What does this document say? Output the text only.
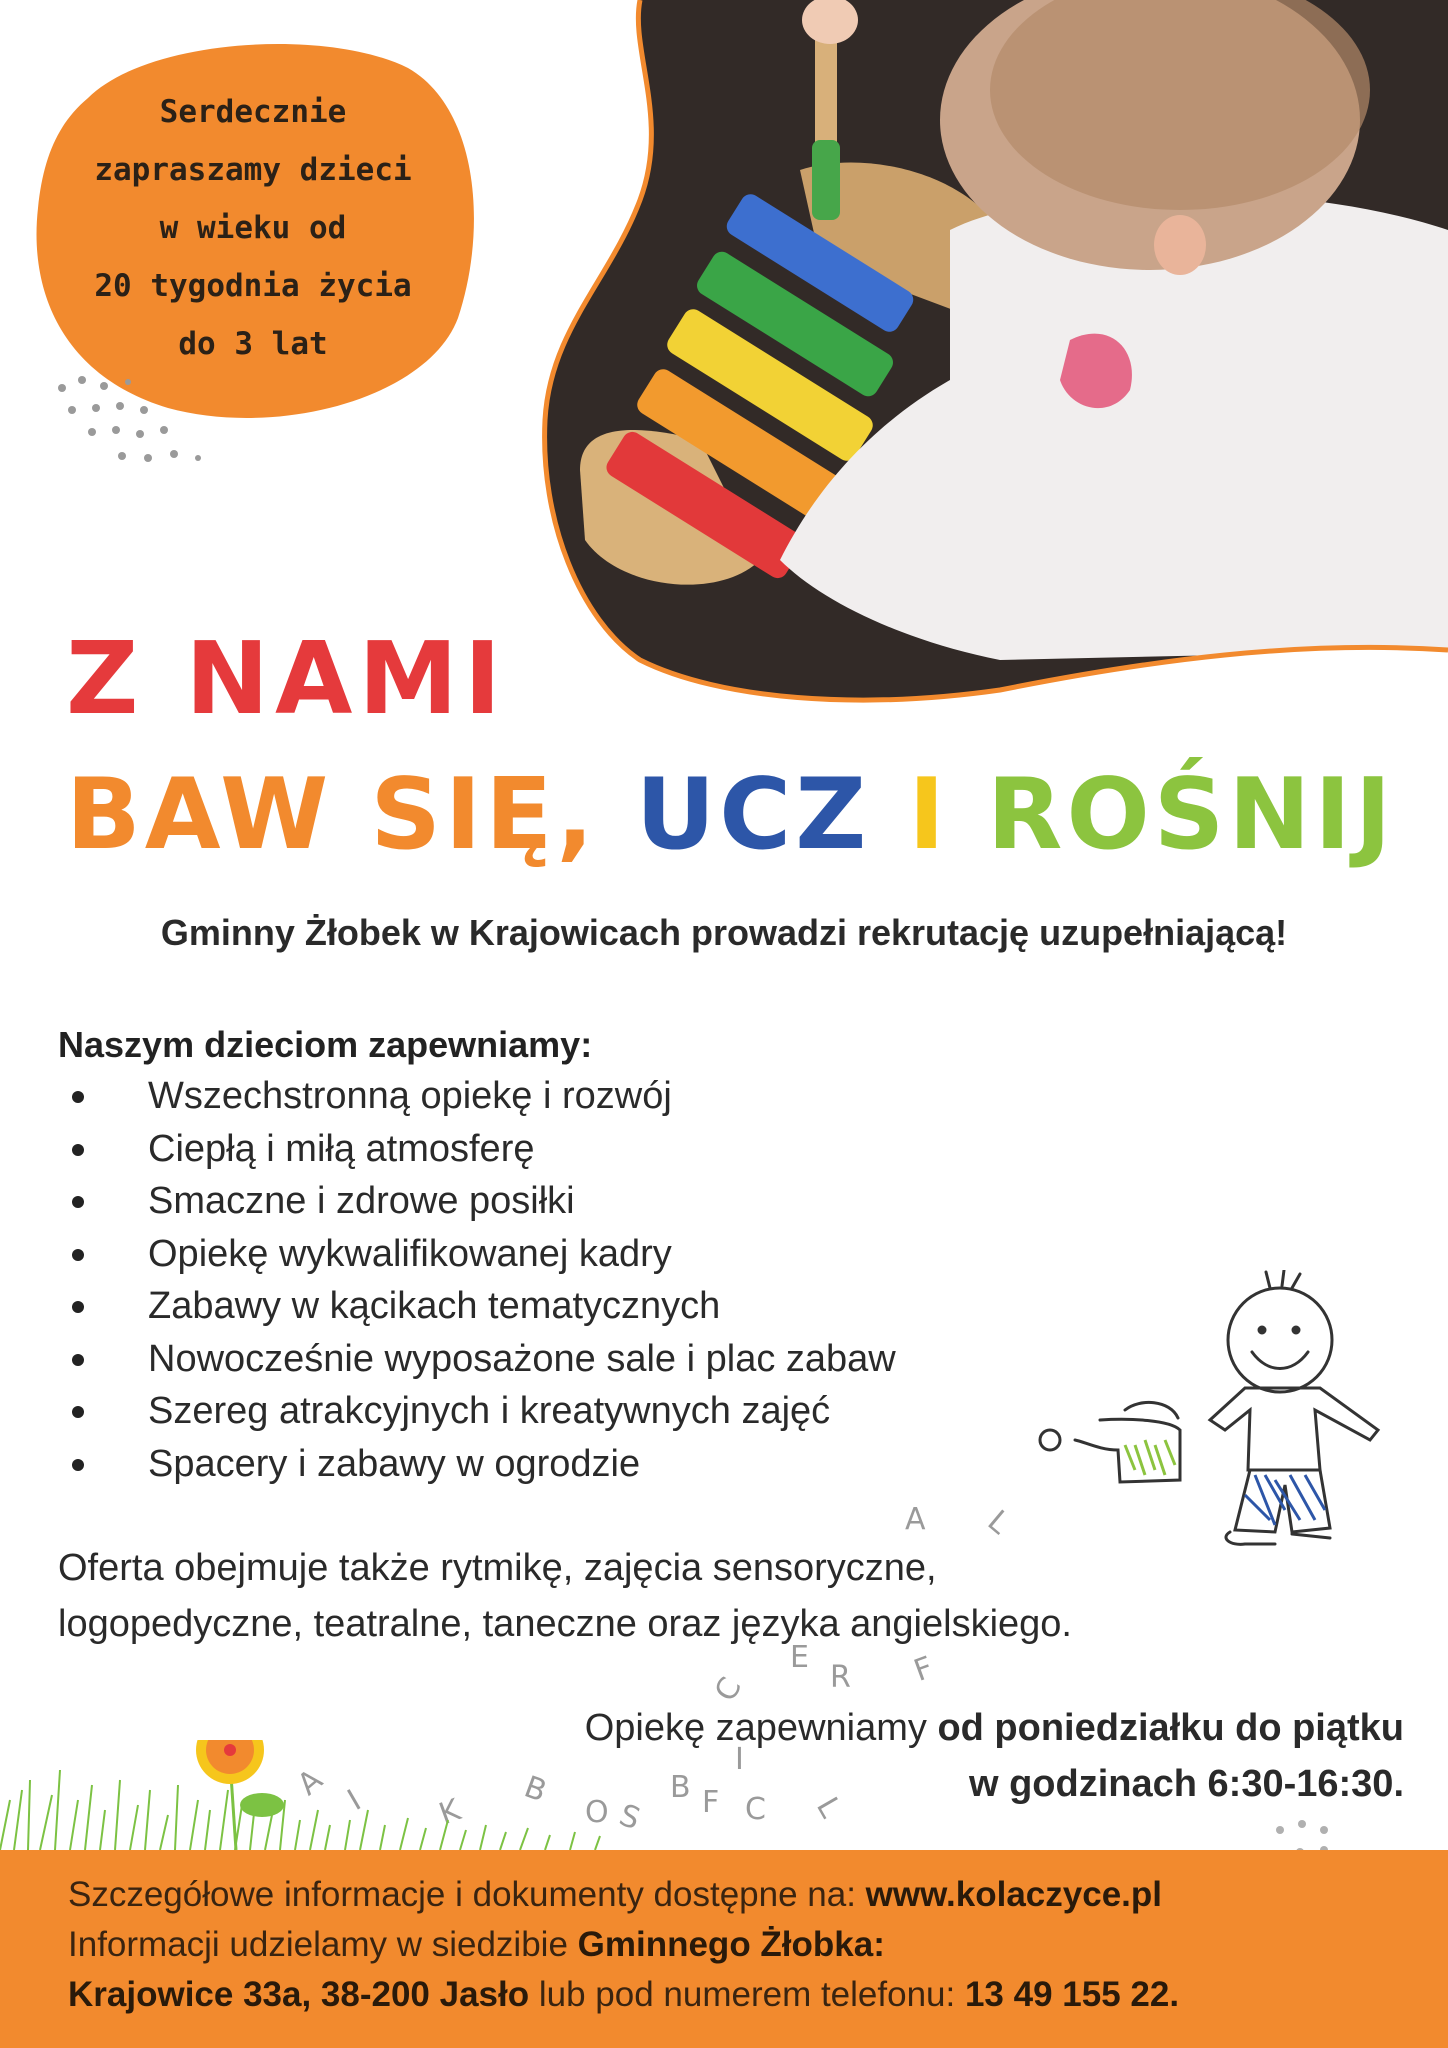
Serdecznie
zapraszamy dzieci
w wieku od
20 tygodnia życia
do 3 lat
Z NAMI
BAW SIĘ, UCZ I ROŚNIJ
Gminny Żłobek w Krajowicach prowadzi rekrutację uzupełniającą!
Naszym dzieciom zapewniamy:
Wszechstronną opiekę i rozwój
Ciepłą i miłą atmosferę
Smaczne i zdrowe posiłki
Opiekę wykwalifikowanej kadry
Zabawy w kącikach tematycznych
Nowocześnie wyposażone sale i plac zabaw
Szereg atrakcyjnych i kreatywnych zajęć
Spacery i zabawy w ogrodzie
Oferta obejmuje także rytmikę, zajęcia sensoryczne,
logopedyczne, teatralne, taneczne oraz języka angielskiego.
A L
E
R F
C
A I K
B
O S
B F
I
C L
Opiekę zapewniamy od poniedziałku do piątku
w godzinach 6:30-16:30.
Szczegółowe informacje i dokumenty dostępne na: www.kolaczyce.pl
Informacji udzielamy w siedzibie Gminnego Żłobka:
Krajowice 33a, 38-200 Jasło lub pod numerem telefonu: 13 49 155 22.
